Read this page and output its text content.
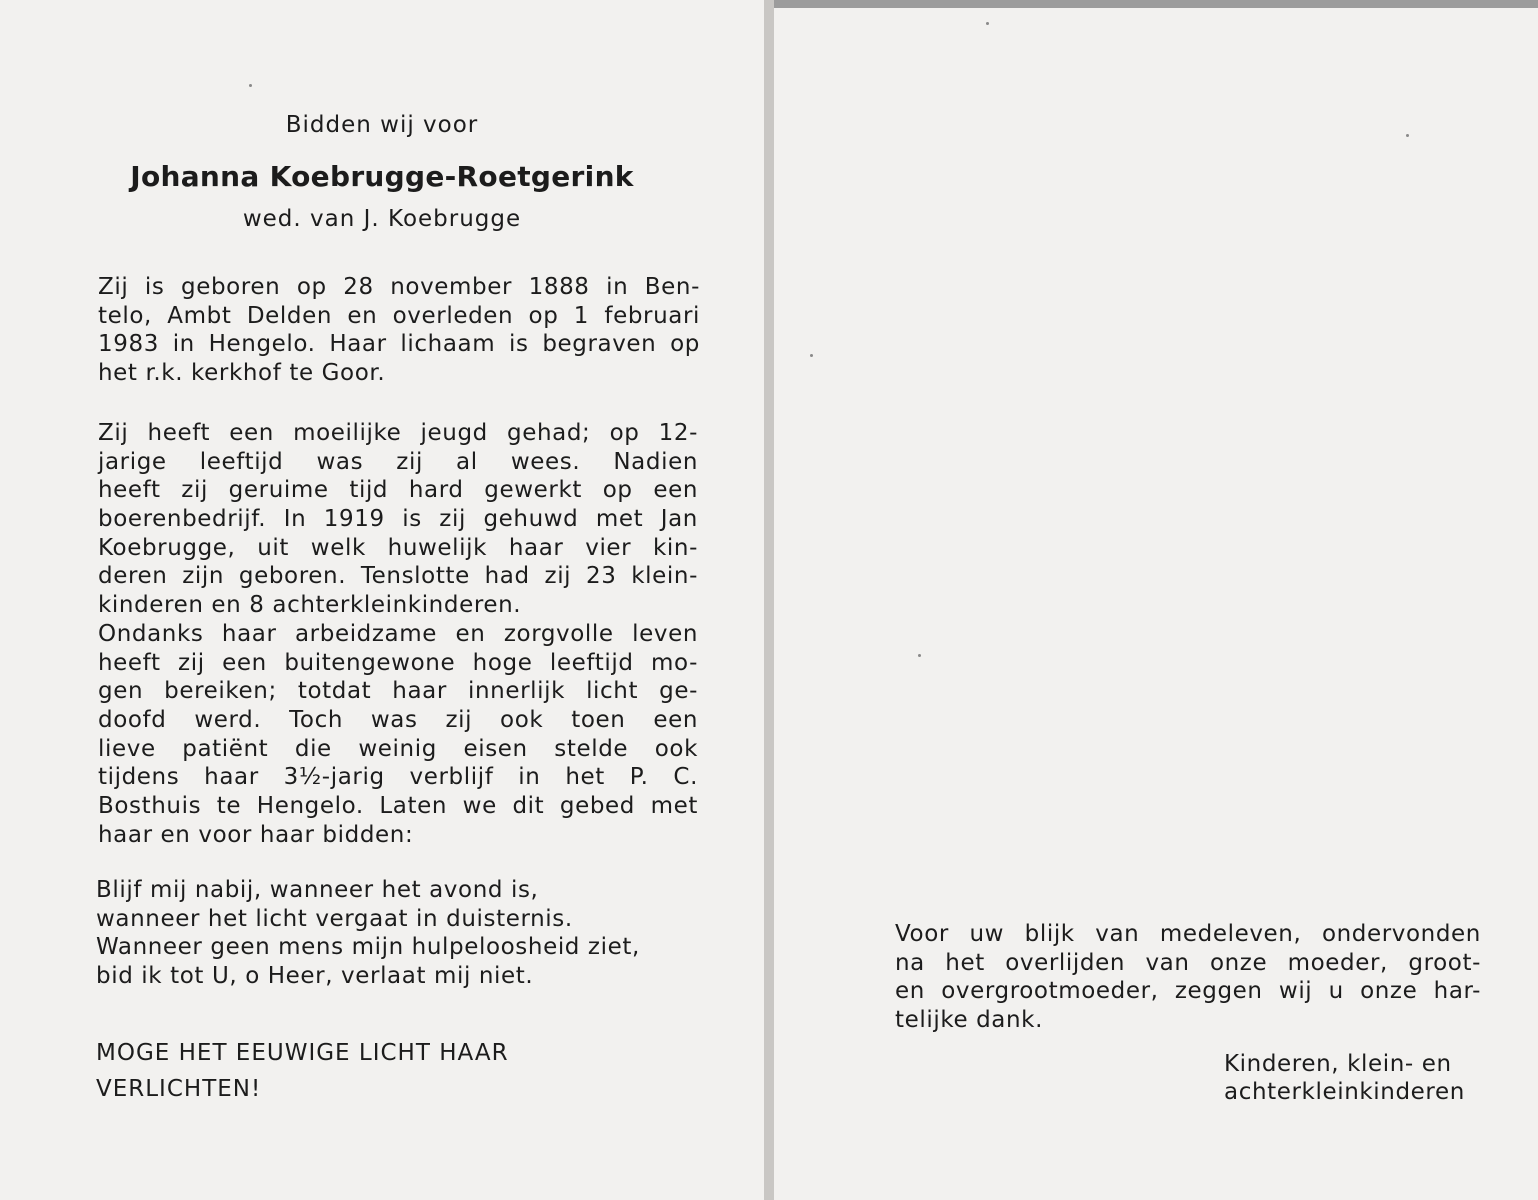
Bidden wij voor
Johanna Koebrugge-Roetgerink
wed. van J. Koebrugge

Zij is geboren op 28 november 1888 in Ben-

telo, Ambt Delden en overleden op 1 februari

1983 in Hengelo. Haar lichaam is begraven op

het r.k. kerkhof te Goor.

Zij heeft een moeilijke jeugd gehad; op 12-

jarige leeftijd was zij al wees. Nadien

heeft zij geruime tijd hard gewerkt op een

boerenbedrijf. In 1919 is zij gehuwd met Jan

Koebrugge, uit welk huwelijk haar vier kin-

deren zijn geboren. Tenslotte had zij 23 klein-

kinderen en 8 achterkleinkinderen.

Ondanks haar arbeidzame en zorgvolle leven

heeft zij een buitengewone hoge leeftijd mo-

gen bereiken; totdat haar innerlijk licht ge-

doofd werd. Toch was zij ook toen een

lieve patiënt die weinig eisen stelde ook

tijdens haar 3½-jarig verblijf in het P. C.

Bosthuis te Hengelo. Laten we dit gebed met

haar en voor haar bidden:

Blijf mij nabij, wanneer het avond is,

wanneer het licht vergaat in duisternis.

Wanneer geen mens mijn hulpeloosheid ziet,

bid ik tot U, o Heer, verlaat mij niet.

MOGE HET EEUWIGE LICHT HAAR

VERLICHTEN!

Voor uw blijk van medeleven, ondervonden

na het overlijden van onze moeder, groot-

en overgrootmoeder, zeggen wij u onze har-

telijke dank.

Kinderen, klein- en

achterkleinkinderen
